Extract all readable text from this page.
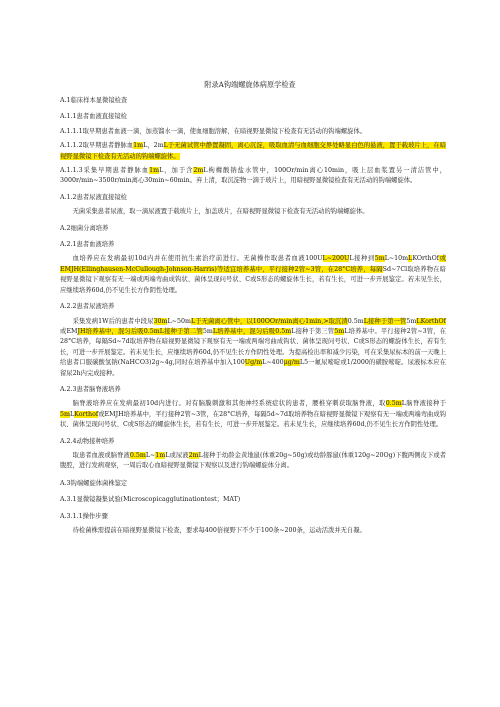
附录A钩端螺旋体病原学检查

A.1临床样本显微镜检查

A.1.1患者血液直接镜检

A.1.1.1取早期患者血液一滴，加蒸馏水一滴，使血细胞溶解，在暗视野显微镜下检查有无活动的钩端螺旋体。

A.1.1.2取早期患者静脉血1mL，2mL于无菌试管中静置凝固，离心沉淀，吸取血清与血细胞交界处略显白色的悬液，置于载玻片上，在暗视野显微镜下检查有无活动的钩端螺旋体。

A.1.1.3采集早期患者静脉血1mL，加于含2mL枸橼酸钠盐水管中，100Or/min离心10min，吸上层血浆置另一清洁管中，3000r/min~3500r/min离心30min~60min。弃上清，取沉淀物一滴于玻片上，用暗视野显微镜检查有无活动的钩端螺旋体。

A.1.2患者尿液直接镜检

无菌采集患者尿液，取一滴尿液置于载玻片上，加盖玻片，在暗视野显微镜下检查有无活动的钩端螺旋体。

A.2细菌分离培养

A.2.1患者血液培养

血培养应在发病最初10d内并在使用抗生素治疗前进行。无菌操作取患者血液100UL~200UL接种到5mL~10mLKOrthOf或EMJH(Ellinghausen-McCullough-Johnson-Harris)等适宜培养基中，平行接种2管~3管，在28°C培养，每隔Sd~7Cl取培养物在暗视野显微镜下观察有无一端或两端弯曲成钩状、菌体呈现问号状、C或S形态的螺旋体生长，若有生长，可进一步开展鉴定。若未见生长，应继续培养60d,仍不见生长方作阴性处理。

A.2.2患者尿液培养

采集发病1W后的患者中段尿30mL~50mL于无菌离心管中，以100OOr/min离心1min,>取沉渣0.5mL接种于第一管5mLKorthOf或EMJH培养基中，混匀后吸0.5mL接种于第二管5mL培养基中，混匀后吸0.5mL接种于第三管5mL培养基中。平行接种2管~3管，在28°C培养，每隔Sd~7d取培养物在暗视野显微镜下观察有无一端或两端弯曲成钩状、菌体呈现问号状、C或S形态的螺旋体生长，若有生长，可进一步开展鉴定。若未见生长，应继续培养60d,仍不见生长方作阴性处理。为提高检出率和减少污染，可在采集尿标本的前一天晚上给患者口服碳酸氢钠(NaHCO3)2g~4g,同时在培养基中加入100Ug/mL~400μg/mL5一氟尿嘧啶或1/2000的磺胺嘧啶。尿液标本应在留尿2h内完成接种。

A.2.3患者脑脊液培养

脑脊液培养应在发病最初10d内进行。对有脑膜刺激和其他神经系统症状的患者，腰椎穿刺获取脑脊液，取0.5mL脑脊液接种于5mLKorthof或EMJH培养基中，平行接种2管~3管，在28°C培养，每隔5d~7d取培养物在暗视野显微镜下观察有无一端或两端弯曲成钩状、菌体呈现问号状、C或S形态的螺旋体生长，若有生长，可进一步开展鉴定。若未见生长，应继续培养60d,仍不见生长方作阴性处理。

A.2.4动物接种培养

取患者血液或脑脊液0.5mL~1mL或尿液2mL接种于幼龄金黄地鼠(体重20g~50g)或幼龄豚鼠(体重120g~20Og)下腹两侧皮下或者腹腔，进行发病观察，一周后取心血暗视野显微镜下观察以及进行钩端螺旋体分离。

A.3钩端螺旋体菌株鉴定

A.3.1显微镜凝集试验(Microscopicagglutinationtest；MAT)

A.3.1.1操作步骤

待检菌株需提前在暗视野显微镜下检查，要求每400倍视野下不少于100条~200条，运动活泼并无自凝。
